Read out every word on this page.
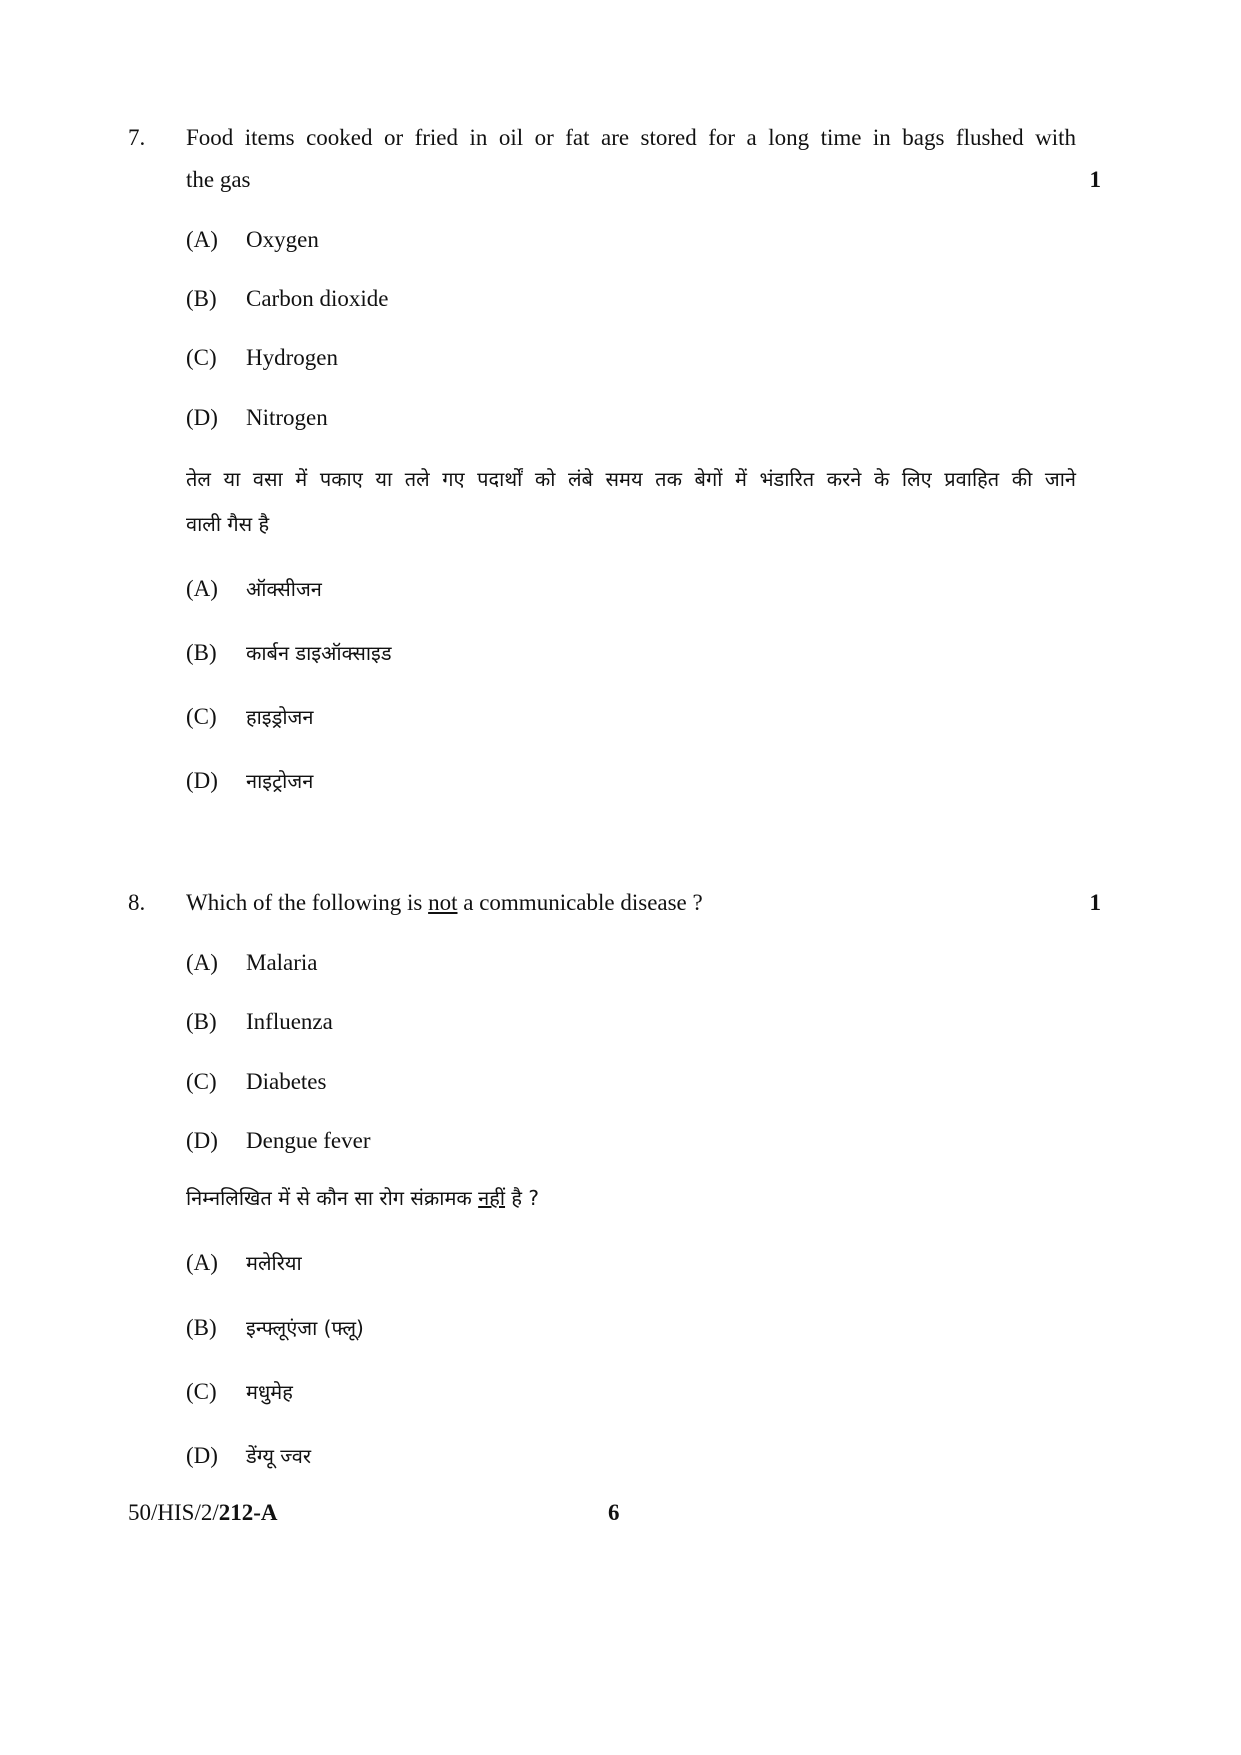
7. Food items cooked or fried in oil or fat are stored for a long time in bags flushed with
the gas	1
(A) Oxygen
(B) Carbon dioxide
(C) Hydrogen
(D) Nitrogen
तेल या वसा में पकाए या तले गए पदार्थों को लंबे समय तक बेगों में भंडारित करने के लिए प्रवाहित की जाने
वाली गैस है
(A) ऑक्सीजन
(B) कार्बन डाइऑक्साइड
(C) हाइड्रोजन
(D) नाइट्रोजन
8. Which of the following is not a communicable disease ?	1
(A) Malaria
(B) Influenza
(C) Diabetes
(D) Dengue fever
निम्नलिखित में से कौन सा रोग संक्रामक नहीं है ?
(A) मलेरिया
(B) इन्फ्लूएंजा (फ्लू)
(C) मधुमेह
(D) डेंग्यू ज्वर
50/HIS/2/212-A	6
